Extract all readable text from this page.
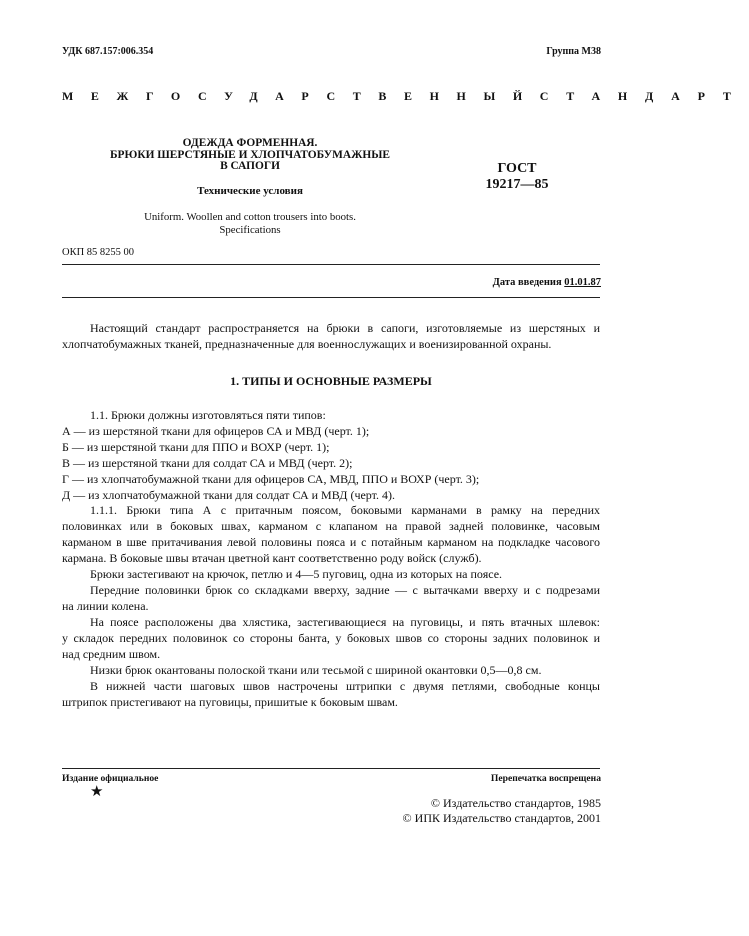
УДК 687.157:006.354	Группа М38
МЕЖГОСУДАРСТВЕННЫЙ СТАНДАРТ
ОДЕЖДА ФОРМЕННАЯ.
БРЮКИ ШЕРСТЯНЫЕ И ХЛОПЧАТОБУМАЖНЫЕ
В САПОГИ
Технические условия
Uniform. Woollen and cotton trousers into boots.
Specifications
ГОСТ
19217—85
ОКП 85 8255 00
Дата введения 01.01.87
Настоящий стандарт распространяется на брюки в сапоги, изготовляемые из шерстяных и
хлопчатобумажных тканей, предназначенные для военнослужащих и военизированной охраны.
1. ТИПЫ И ОСНОВНЫЕ РАЗМЕРЫ
1.1. Брюки должны изготовляться пяти типов:
А — из шерстяной ткани для офицеров СА и МВД (черт. 1);
Б — из шерстяной ткани для ППО и ВОХР (черт. 1);
В — из шерстяной ткани для солдат СА и МВД (черт. 2);
Г — из хлопчатобумажной ткани для офицеров СА, МВД, ППО и ВОХР (черт. 3);
Д — из хлопчатобумажной ткани для солдат СА и МВД (черт. 4).
1.1.1. Брюки типа А с притачным поясом, боковыми карманами в рамку на передних
половинках или в боковых швах, карманом с клапаном на правой задней половинке, часовым
карманом в шве притачивания левой половины пояса и с потайным карманом на подкладке часового
кармана. В боковые швы втачан цветной кант соответственно роду войск (служб).
Брюки застегивают на крючок, петлю и 4—5 пуговиц, одна из которых на поясе.
Передние половинки брюк со складками вверху, задние — с вытачками вверху и с подрезами
на линии колена.
На поясе расположены два хлястика, застегивающиеся на пуговицы, и пять втачных шлевок:
у складок передних половинок со стороны банта, у боковых швов со стороны задних половинок и
над средним швом.
Низки брюк окантованы полоской ткани или тесьмой с шириной окантовки 0,5—0,8 см.
В нижней части шаговых швов настрочены штрипки с двумя петлями, свободные концы
штрипок пристегивают на пуговицы, пришитые к боковым швам.
Издание официальное	Перепечатка воспрещена
★
© Издательство стандартов, 1985
© ИПК Издательство стандартов, 2001
